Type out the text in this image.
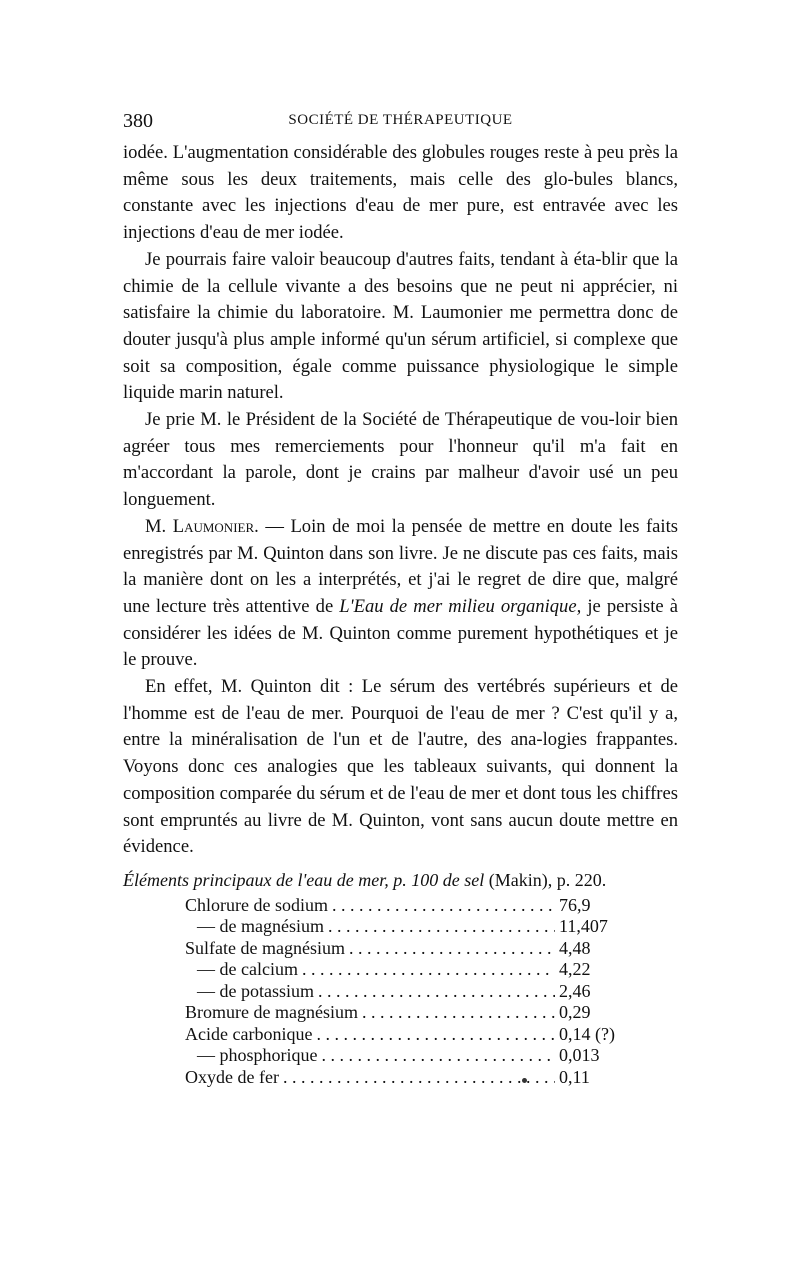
380	SOCIÉTÉ DE THÉRAPEUTIQUE

iodée. L'augmentation considérable des globules rouges reste à peu près la même sous les deux traitements, mais celle des glo-bules blancs, constante avec les injections d'eau de mer pure, est entravée avec les injections d'eau de mer iodée.

Je pourrais faire valoir beaucoup d'autres faits, tendant à éta-blir que la chimie de la cellule vivante a des besoins que ne peut ni apprécier, ni satisfaire la chimie du laboratoire. M. Laumonier me permettra donc de douter jusqu'à plus ample informé qu'un sérum artificiel, si complexe que soit sa composition, égale comme puissance physiologique le simple liquide marin naturel.

Je prie M. le Président de la Société de Thérapeutique de vou-loir bien agréer tous mes remerciements pour l'honneur qu'il m'a fait en m'accordant la parole, dont je crains par malheur d'avoir usé un peu longuement.

M. Laumonier. — Loin de moi la pensée de mettre en doute les faits enregistrés par M. Quinton dans son livre. Je ne discute pas ces faits, mais la manière dont on les a interprétés, et j'ai le regret de dire que, malgré une lecture très attentive de L'Eau de mer milieu organique, je persiste à considérer les idées de M. Quinton comme purement hypothétiques et je le prouve.

En effet, M. Quinton dit : Le sérum des vertébrés supérieurs et de l'homme est de l'eau de mer. Pourquoi de l'eau de mer ? C'est qu'il y a, entre la minéralisation de l'un et de l'autre, des ana-logies frappantes. Voyons donc ces analogies que les tableaux suivants, qui donnent la composition comparée du sérum et de l'eau de mer et dont tous les chiffres sont empruntés au livre de M. Quinton, vont sans aucun doute mettre en évidence.

Éléments principaux de l'eau de mer, p. 100 de sel (Makin), p. 220.
Chlorure de sodium . . .	76,9
— de magnésium . . .	11,407
Sulfate de magnésium . . .	4,48
— de calcium . . .	4,22
— de potassium . . .	2,46
Bromure de magnésium . . .	0,29
Acide carbonique . . .	0,14 (?)
— phosphorique . . .	0,013
Oxyde de fer . . .	0,11
